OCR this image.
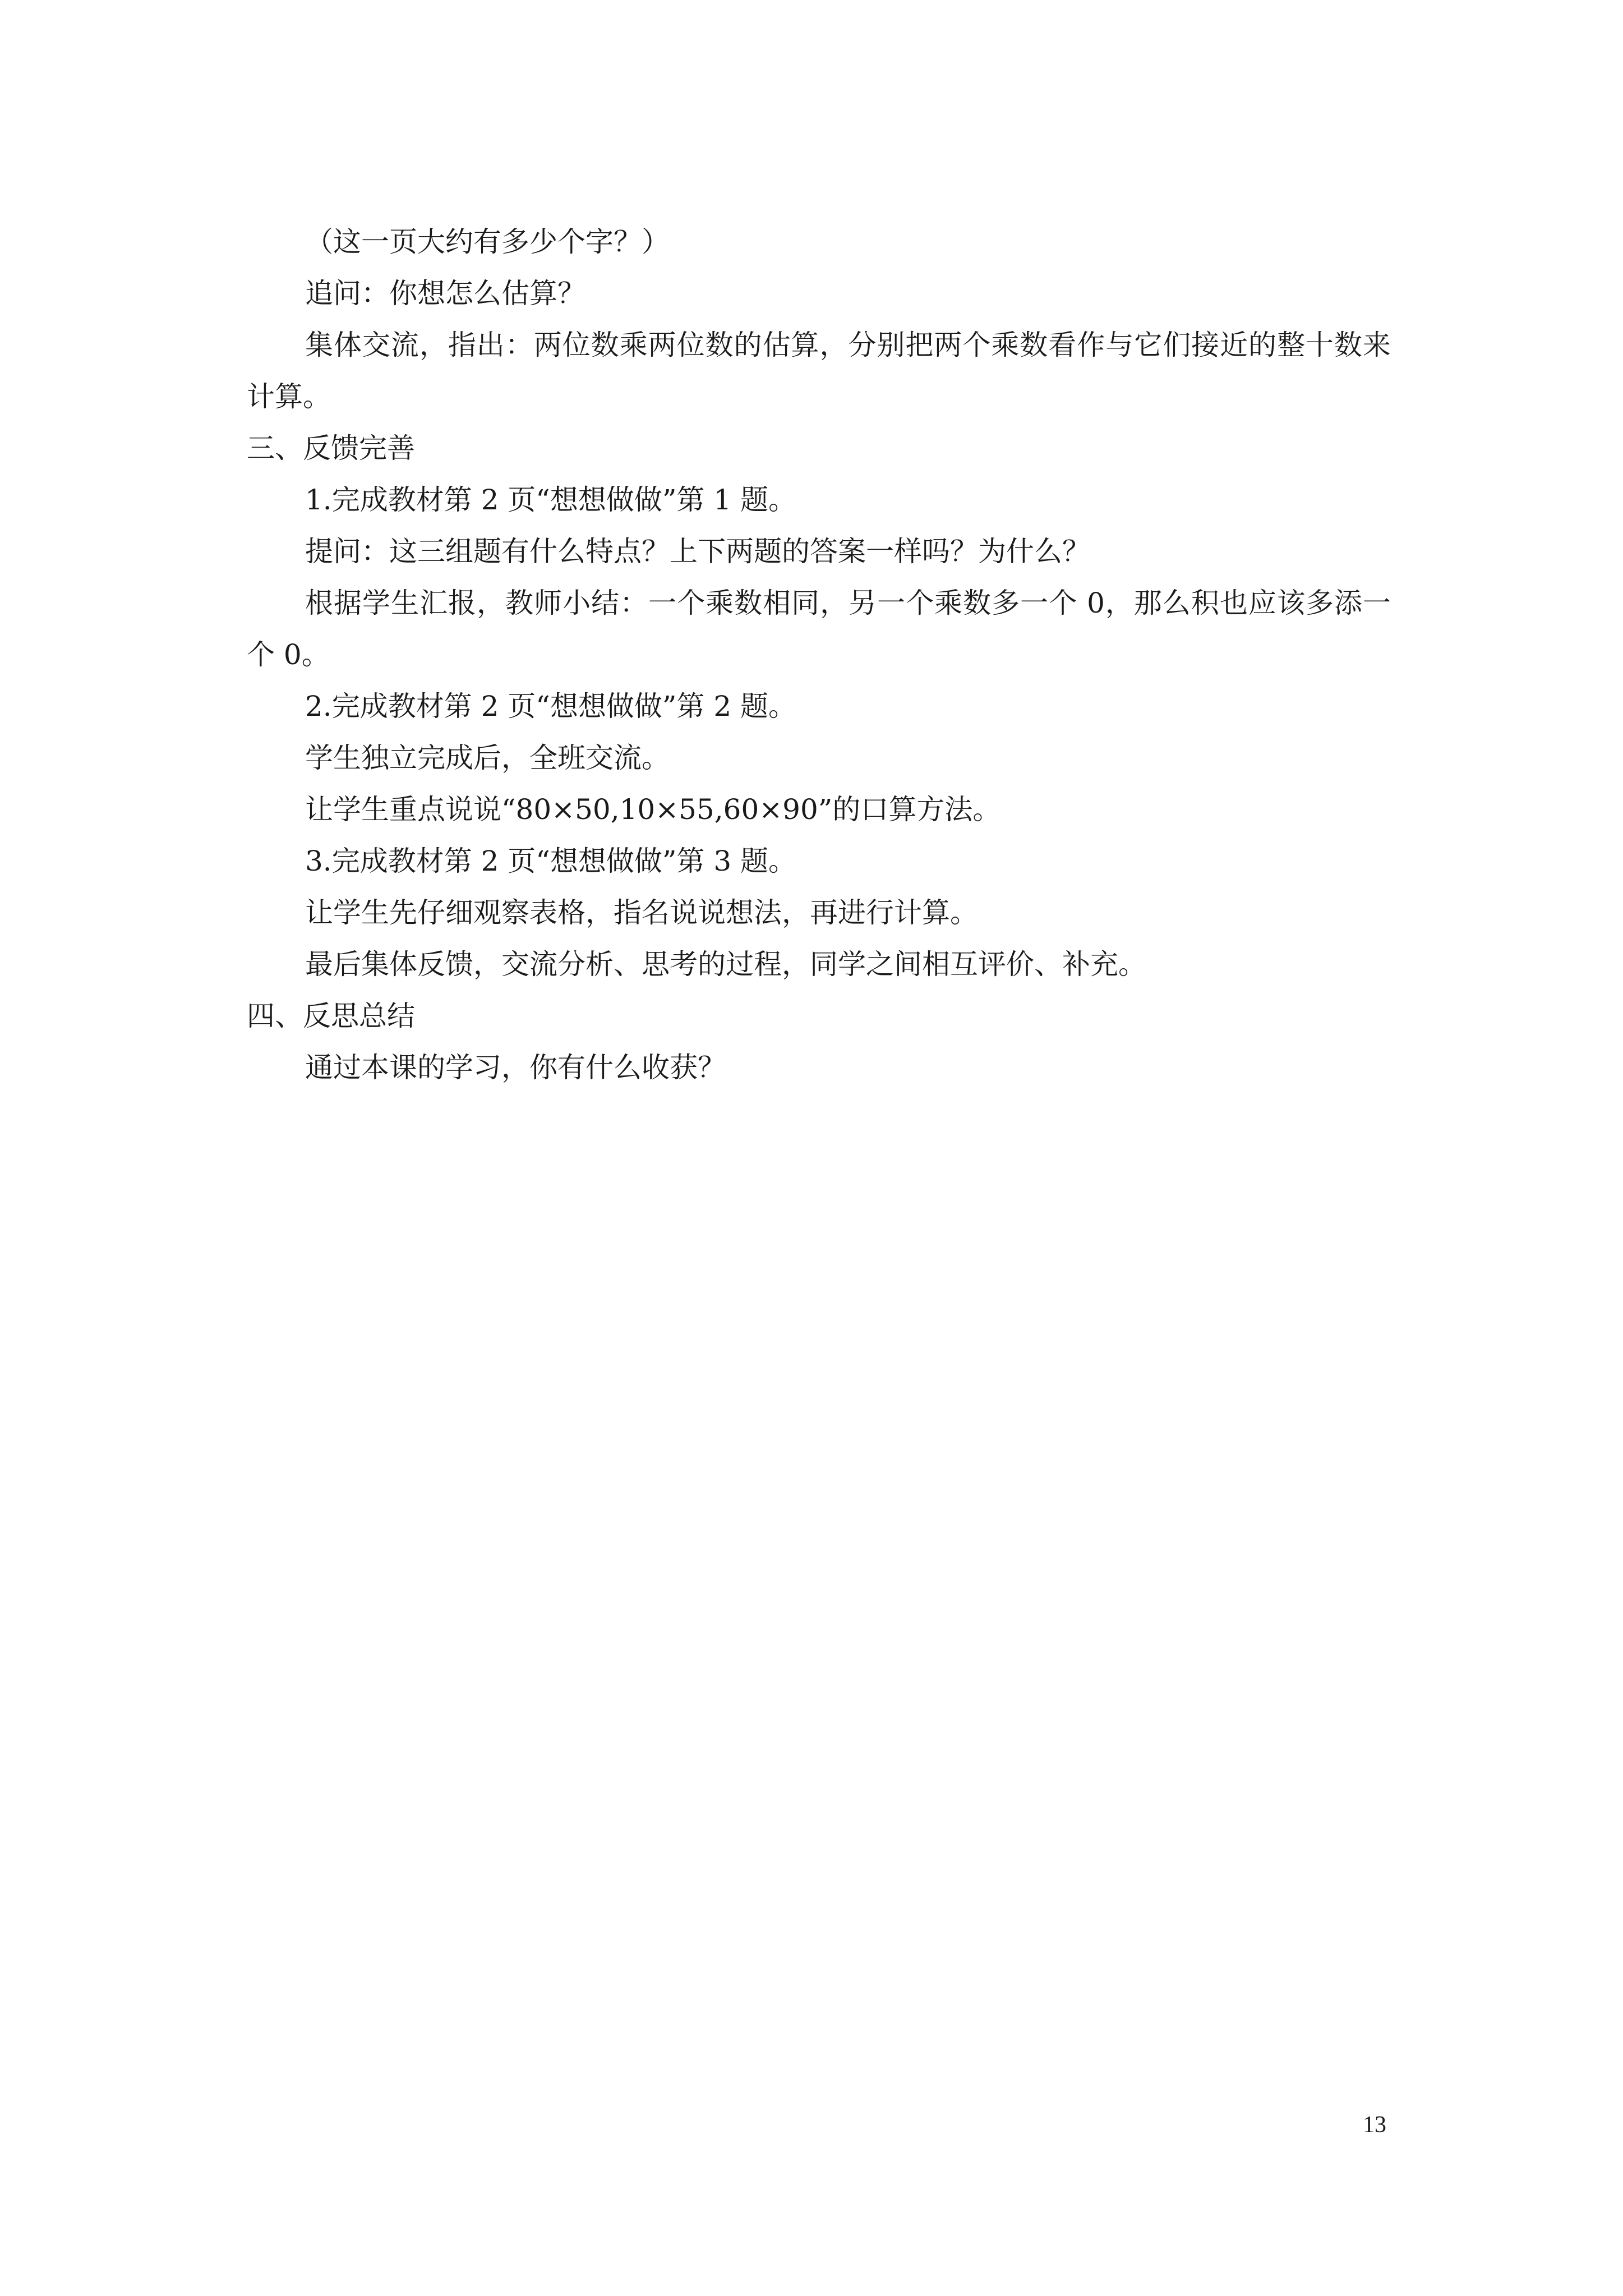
（这一页大约有多少个字？）
追问：你想怎么估算？
集体交流，指出：两位数乘两位数的估算，分别把两个乘数看作与它们接近的整十数来
计算。
三、反馈完善
1.完成教材第 2 页“想想做做”第 1 题。
提问：这三组题有什么特点？上下两题的答案一样吗？为什么？
根据学生汇报，教师小结：一个乘数相同，另一个乘数多一个 0，那么积也应该多添一
个 0。
2.完成教材第 2 页“想想做做”第 2 题。
学生独立完成后，全班交流。
让学生重点说说“80×50,10×55,60×90”的口算方法。
3.完成教材第 2 页“想想做做”第 3 题。
让学生先仔细观察表格，指名说说想法，再进行计算。
最后集体反馈，交流分析、思考的过程，同学之间相互评价、补充。
四、反思总结
通过本课的学习，你有什么收获？
13
